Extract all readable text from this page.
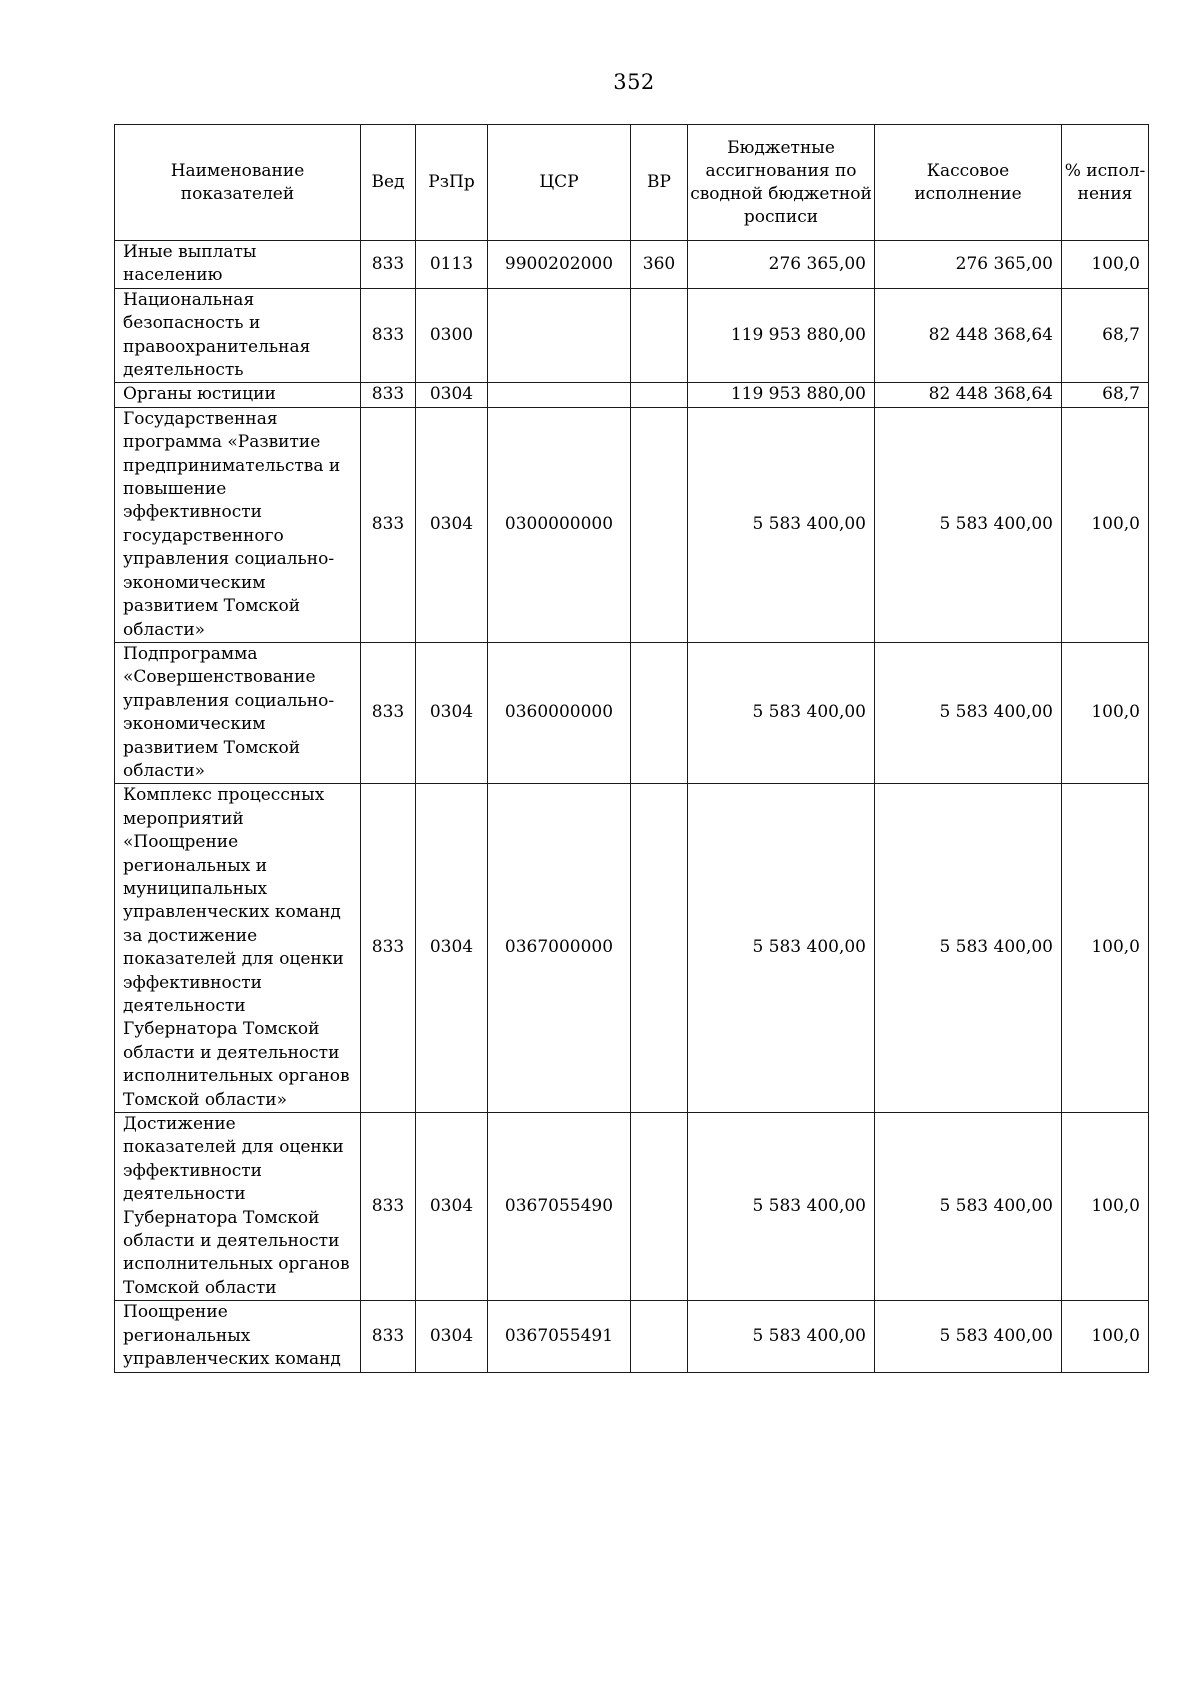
352
Наименование показателей	Вед	РзПр	ЦСР	ВР	Бюджетные ассигнования по сводной бюджетной росписи	Кассовое исполнение	% испол-нения
Иные выплаты населению	833	0113	9900202000	360	276 365,00	276 365,00	100,0
Национальная безопасность и правоохранительная деятельность	833	0300			119 953 880,00	82 448 368,64	68,7
Органы юстиции	833	0304			119 953 880,00	82 448 368,64	68,7
Государственная программа «Развитие предпринимательства и повышение эффективности государственного управления социально-экономическим развитием Томской области»	833	0304	0300000000		5 583 400,00	5 583 400,00	100,0
Подпрограмма «Совершенствование управления социально-экономическим развитием Томской области»	833	0304	0360000000		5 583 400,00	5 583 400,00	100,0
Комплекс процессных мероприятий «Поощрение региональных и муниципальных управленческих команд за достижение показателей для оценки эффективности деятельности Губернатора Томской области и деятельности исполнительных органов Томской области»	833	0304	0367000000		5 583 400,00	5 583 400,00	100,0
Достижение показателей для оценки эффективности деятельности Губернатора Томской области и деятельности исполнительных органов Томской области	833	0304	0367055490		5 583 400,00	5 583 400,00	100,0
Поощрение региональных управленческих команд	833	0304	0367055491		5 583 400,00	5 583 400,00	100,0
